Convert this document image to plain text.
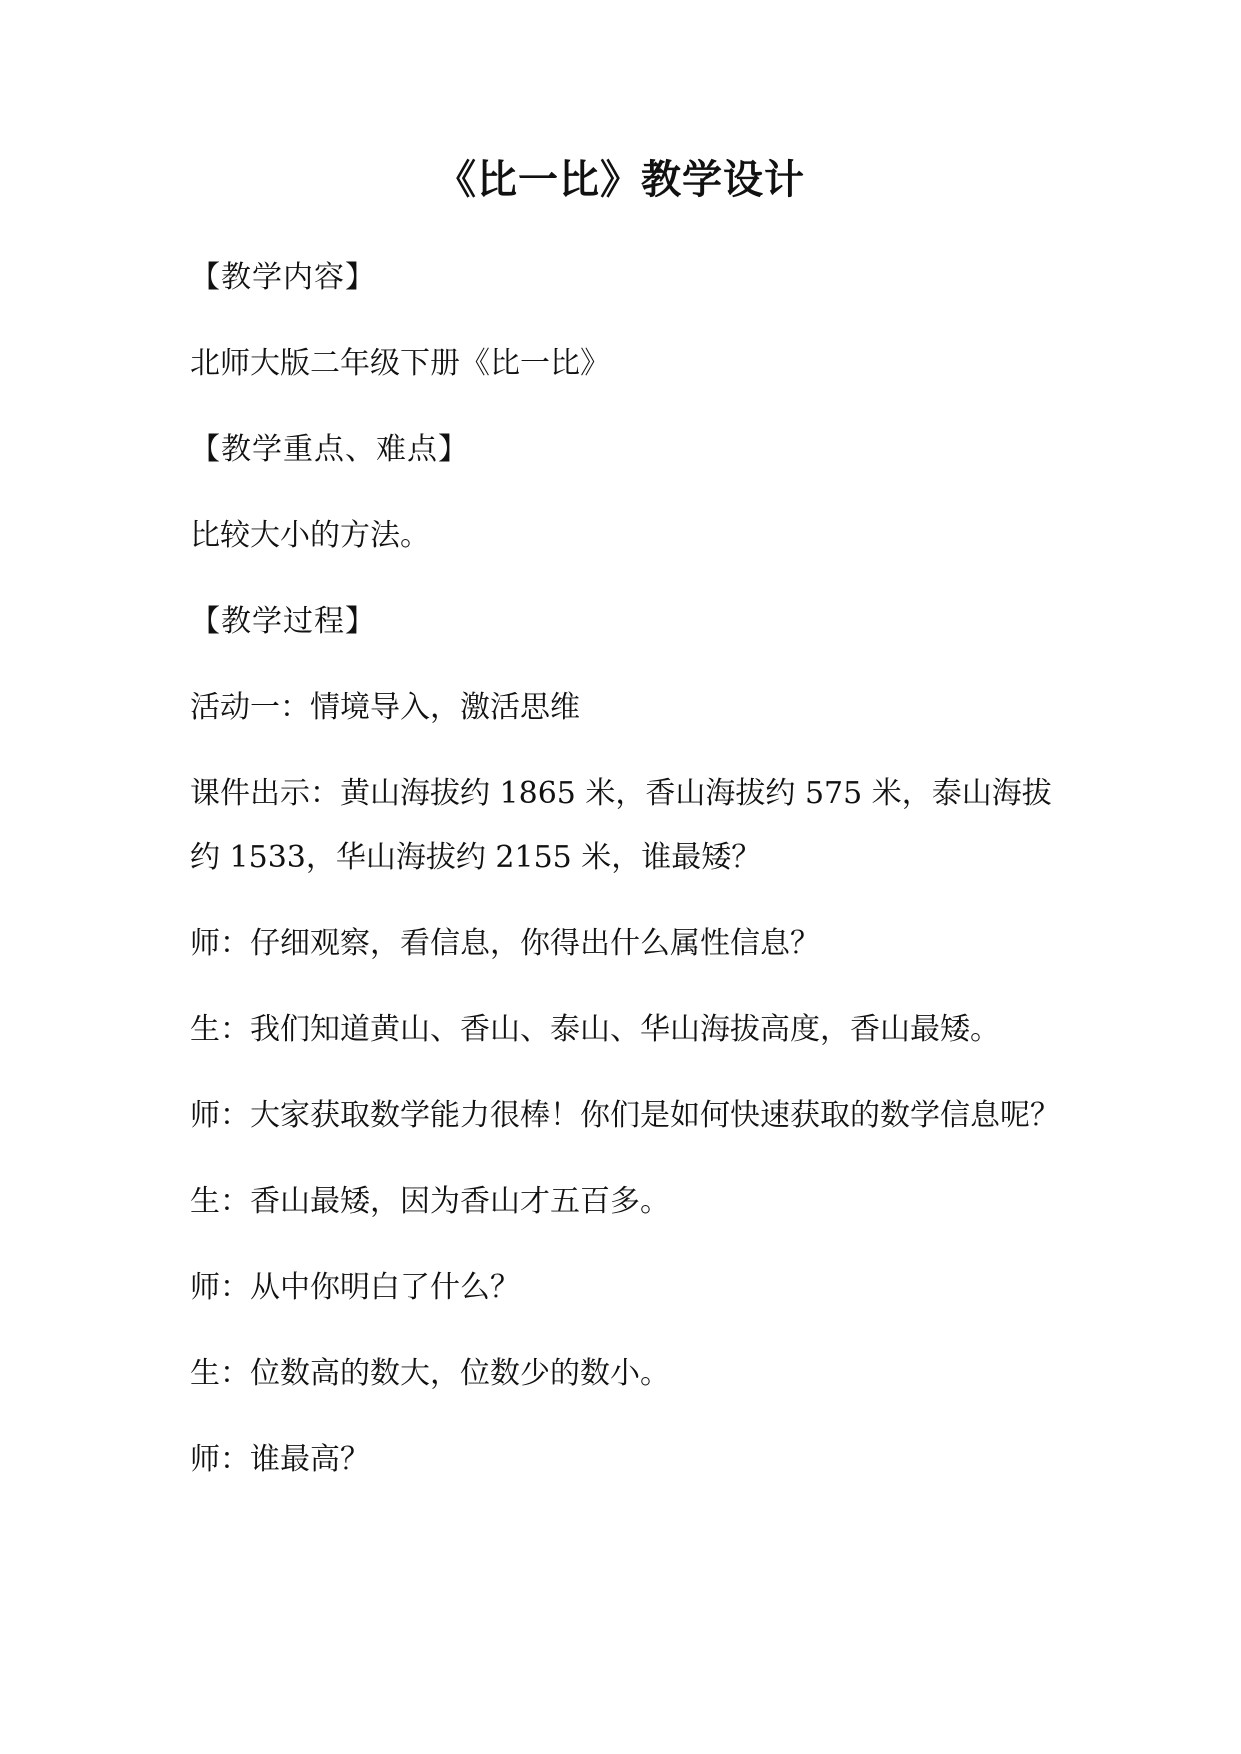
《比一比》教学设计

【教学内容】

北师大版二年级下册《比一比》

【教学重点、难点】

比较大小的方法。

【教学过程】

活动一：情境导入，激活思维

课件出示：黄山海拔约 1865 米，香山海拔约 575 米，泰山海拔约 1533，华山海拔约 2155 米，谁最矮？

师：仔细观察，看信息，你得出什么属性信息？

生：我们知道黄山、香山、泰山、华山海拔高度，香山最矮。

师：大家获取数学能力很棒！你们是如何快速获取的数学信息呢？

生：香山最矮，因为香山才五百多。

师：从中你明白了什么？

生：位数高的数大，位数少的数小。

师：谁最高？
